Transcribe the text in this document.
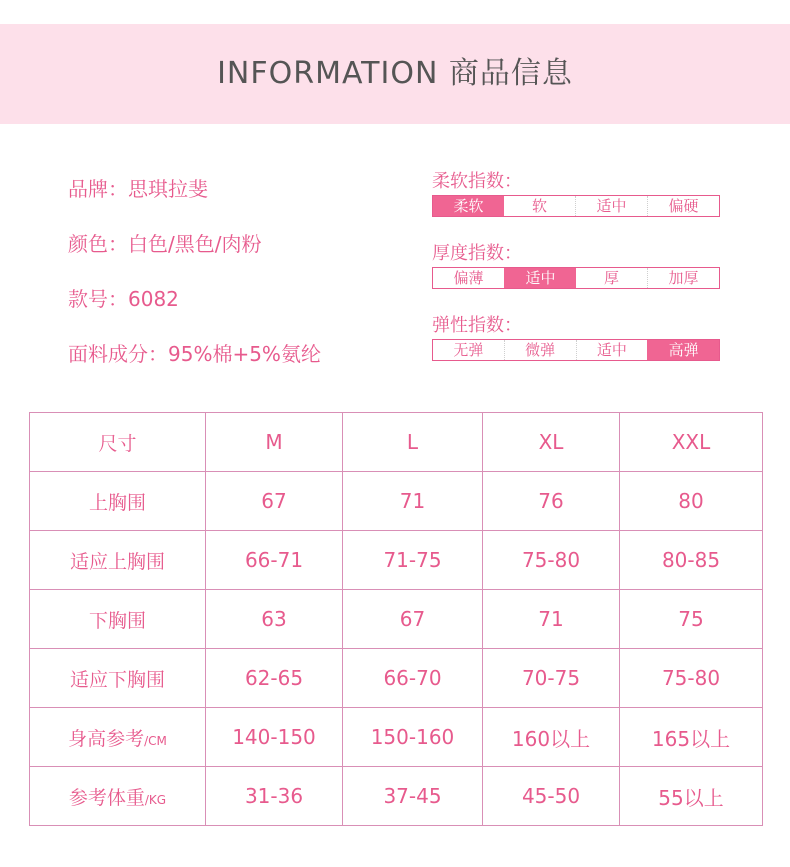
INFORMATION 商品信息
品牌：思琪拉斐
颜色：白色/黑色/肉粉
款号：6082
面料成分：95%棉+5%氨纶
柔软指数：
柔软	软	适中	偏硬
厚度指数：
偏薄	适中	厚	加厚
弹性指数：
无弹	微弹	适中	高弹
尺寸	M	L	XL	XXL
上胸围	67	71	76	80
适应上胸围	66-71	71-75	75-80	80-85
下胸围	63	67	71	75
适应下胸围	62-65	66-70	70-75	75-80
身高参考/CM	140-150	150-160	160以上	165以上
参考体重/KG	31-36	37-45	45-50	55以上
